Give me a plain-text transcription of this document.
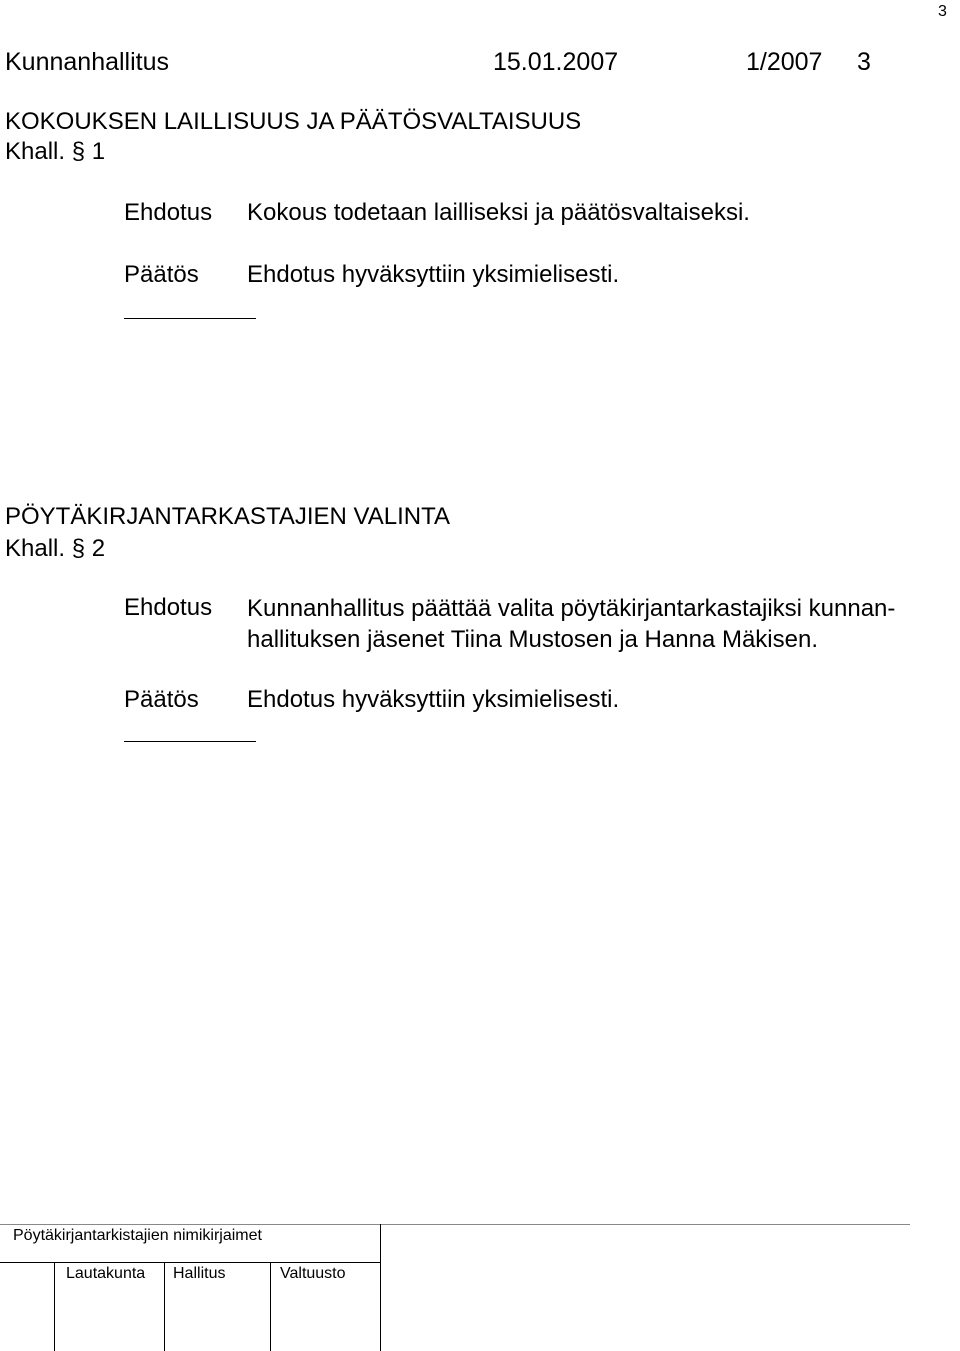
3
Kunnanhallitus	15.01.2007	1/2007 3
KOKOUKSEN LAILLISUUS JA PÄÄTÖSVALTAISUUS
Khall. § 1
Ehdotus Kokous todetaan lailliseksi ja päätösvaltaiseksi.
Päätös Ehdotus hyväksyttiin yksimielisesti.
PÖYTÄKIRJANTARKASTAJIEN VALINTA
Khall. § 2
Ehdotus Kunnanhallitus päättää valita pöytäkirjantarkastajiksi kunnan-hallituksen jäsenet Tiina Mustosen ja Hanna Mäkisen.
Päätös Ehdotus hyväksyttiin yksimielisesti.
Pöytäkirjantarkistajien nimikirjaimet
Lautakunta Hallitus	Valtuusto
